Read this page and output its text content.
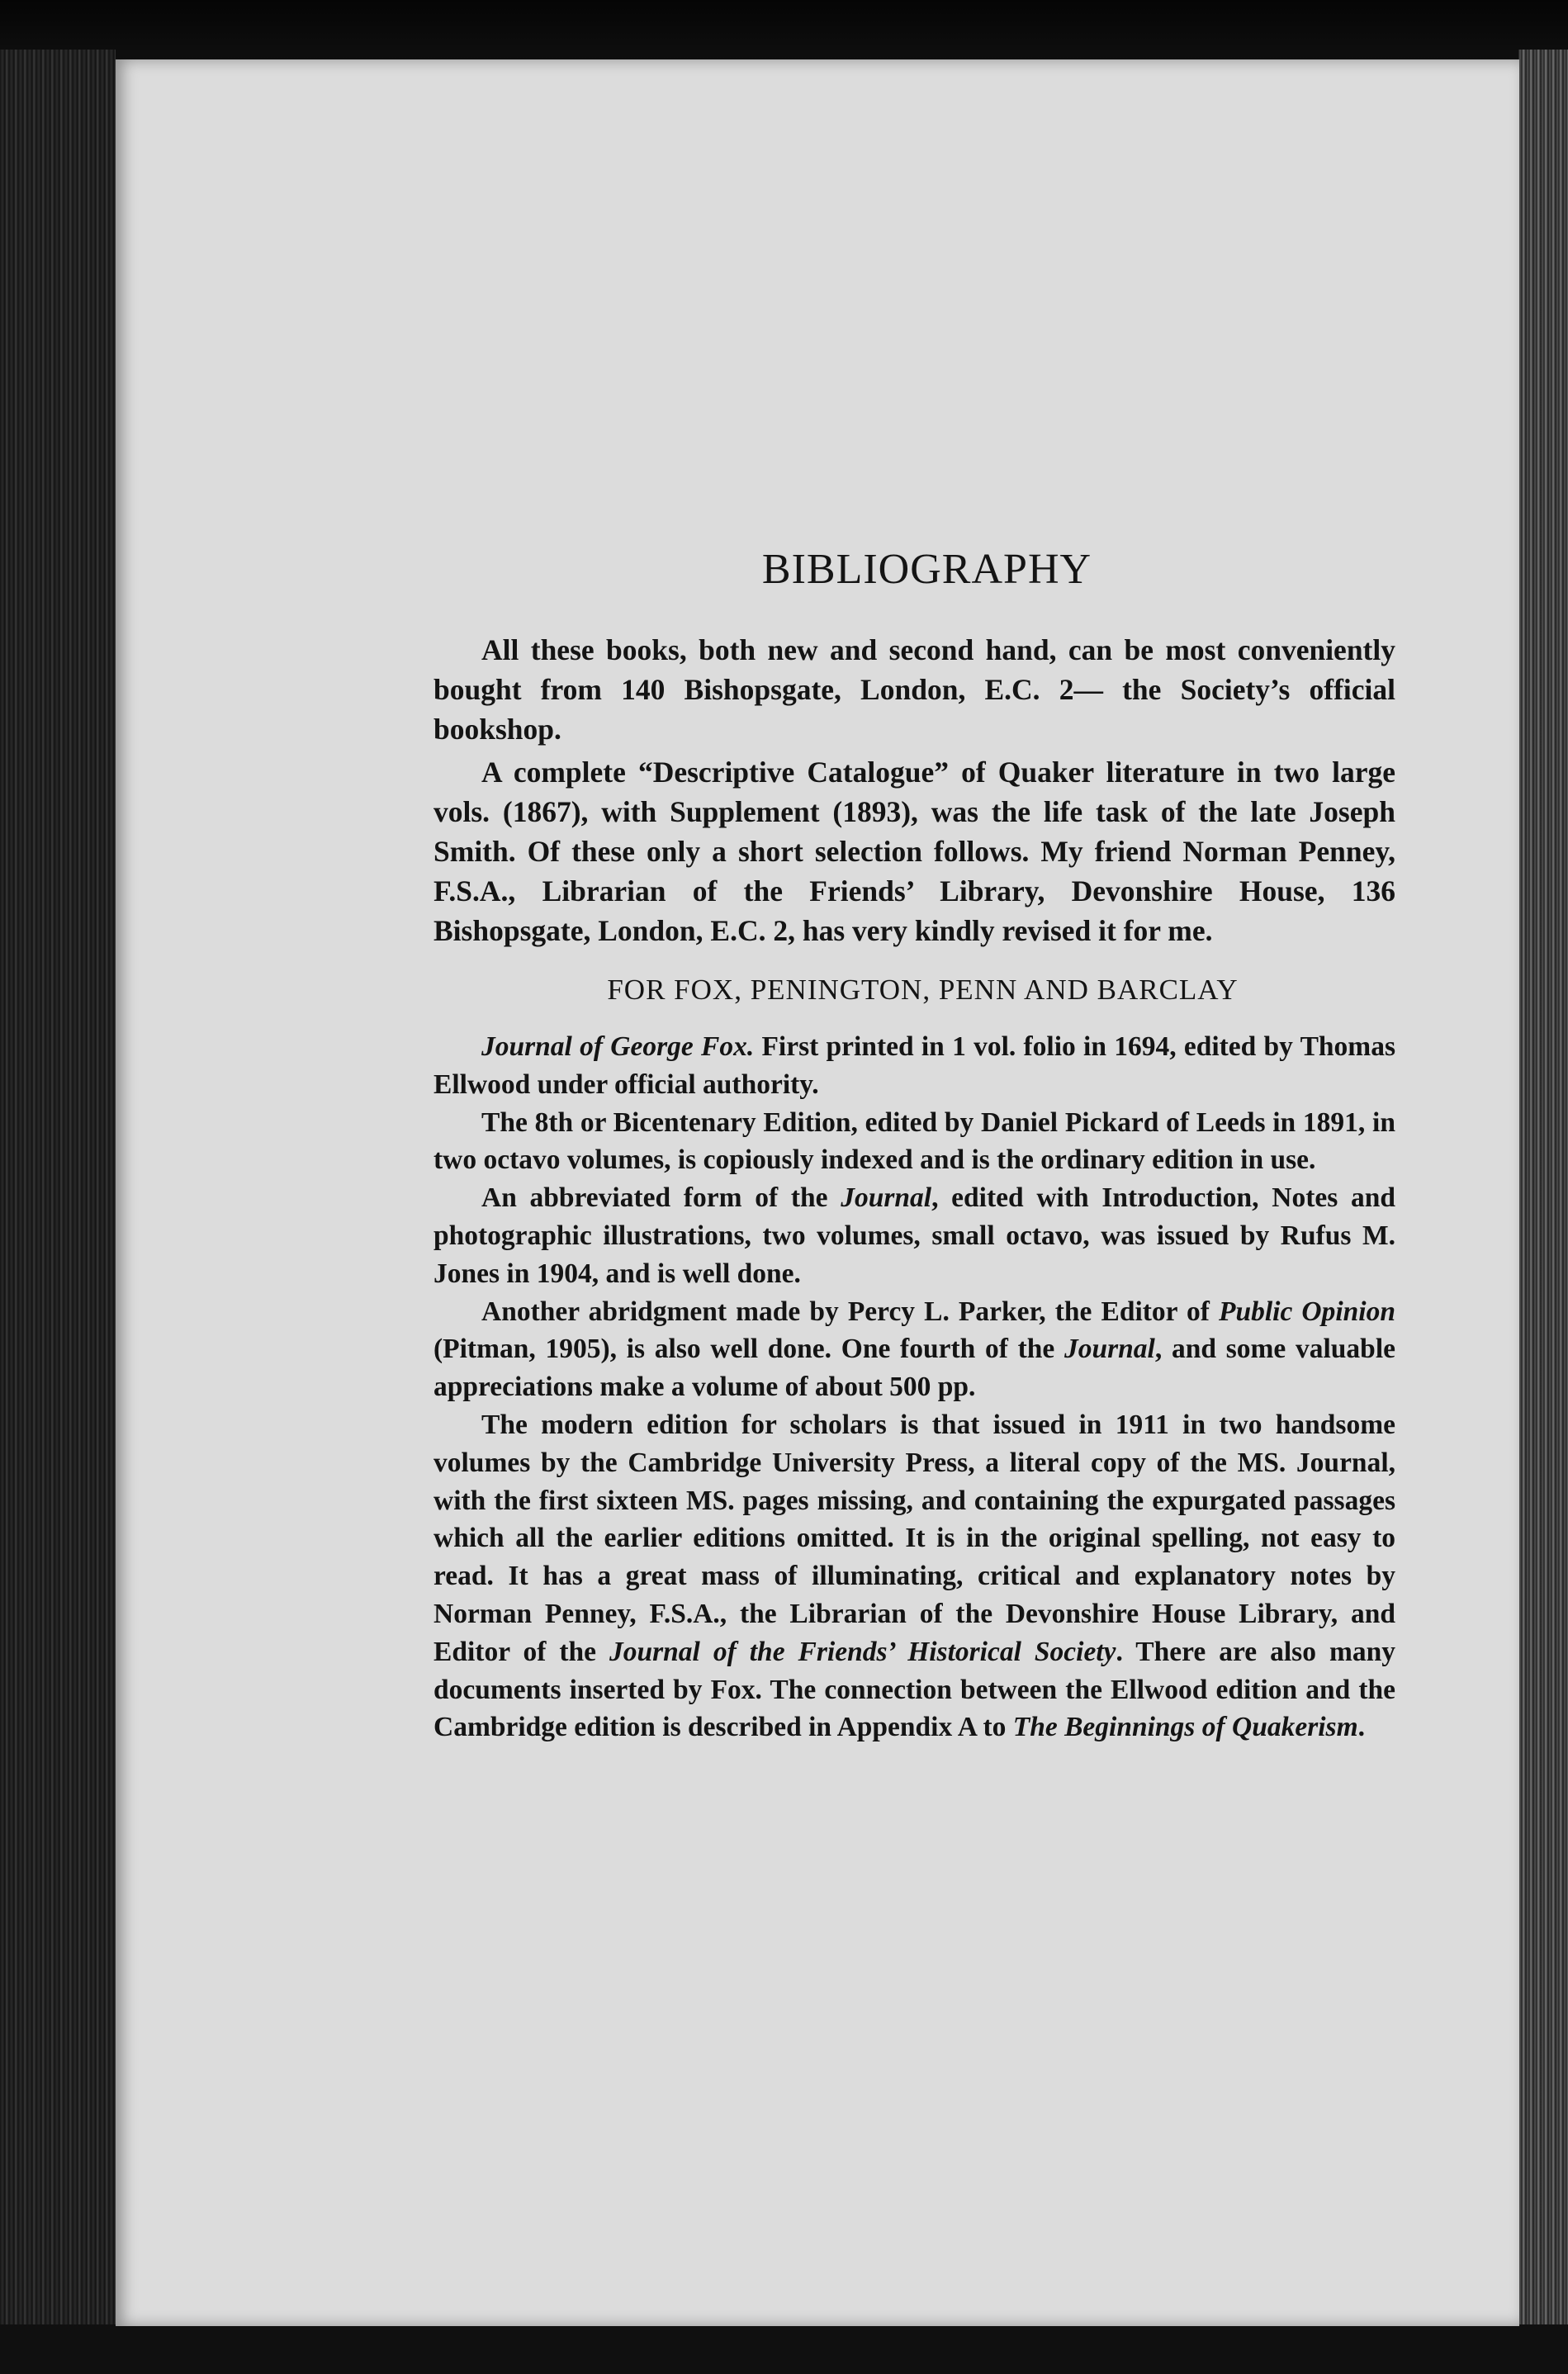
BIBLIOGRAPHY

All these books, both new and second hand, can be most conveniently bought from 140 Bishopsgate, London, E.C. 2— the Society’s official bookshop.

A complete “Descriptive Catalogue” of Quaker literature in two large vols. (1867), with Supplement (1893), was the life task of the late Joseph Smith. Of these only a short selection follows. My friend Norman Penney, F.S.A., Librarian of the Friends’ Library, Devonshire House, 136 Bishopsgate, London, E.C. 2, has very kindly revised it for me.

FOR FOX, PENINGTON, PENN AND BARCLAY

Journal of George Fox. First printed in 1 vol. folio in 1694, edited by Thomas Ellwood under official authority.

The 8th or Bicentenary Edition, edited by Daniel Pickard of Leeds in 1891, in two octavo volumes, is copiously indexed and is the ordinary edition in use.

An abbreviated form of the Journal, edited with Introduction, Notes and photographic illustrations, two volumes, small octavo, was issued by Rufus M. Jones in 1904, and is well done.

Another abridgment made by Percy L. Parker, the Editor of Public Opinion (Pitman, 1905), is also well done. One fourth of the Journal, and some valuable appreciations make a volume of about 500 pp.

The modern edition for scholars is that issued in 1911 in two handsome volumes by the Cambridge University Press, a literal copy of the MS. Journal, with the first sixteen MS. pages missing, and containing the expurgated passages which all the earlier editions omitted. It is in the original spelling, not easy to read. It has a great mass of illuminating, critical and explanatory notes by Norman Penney, F.S.A., the Librarian of the Devonshire House Library, and Editor of the Journal of the Friends’ Historical Society. There are also many documents inserted by Fox. The connection between the Ellwood edition and the Cambridge edition is described in Appendix A to The Beginnings of Quakerism.
